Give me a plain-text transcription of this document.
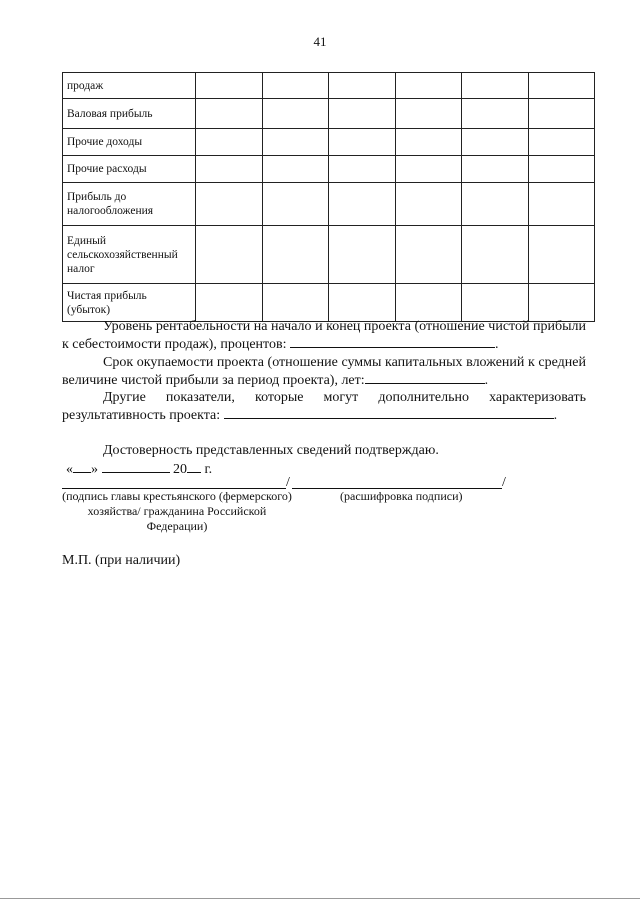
41
продаж						
Валовая прибыль						
Прочие доходы						
Прочие расходы						
Прибыль до налогообложения						
Единый сельскохозяйственный налог						
Чистая прибыль (убыток)						
Уровень рентабельности на начало и конец проекта (отношение чистой прибыли к себестоимости продаж), процентов:	.
Срок окупаемости проекта (отношение суммы капитальных вложений к средней величине чистой прибыли за период проекта), лет:	.
Другие показатели, которые могут дополнительно характеризовать результативность проекта:	.
Достоверность представленных сведений подтверждаю.
« »	20 г.
/	/
(подпись главы крестьянского (фермерского) хозяйства/ гражданина Российской Федерации)
(расшифровка подписи)
М.П. (при наличии)
